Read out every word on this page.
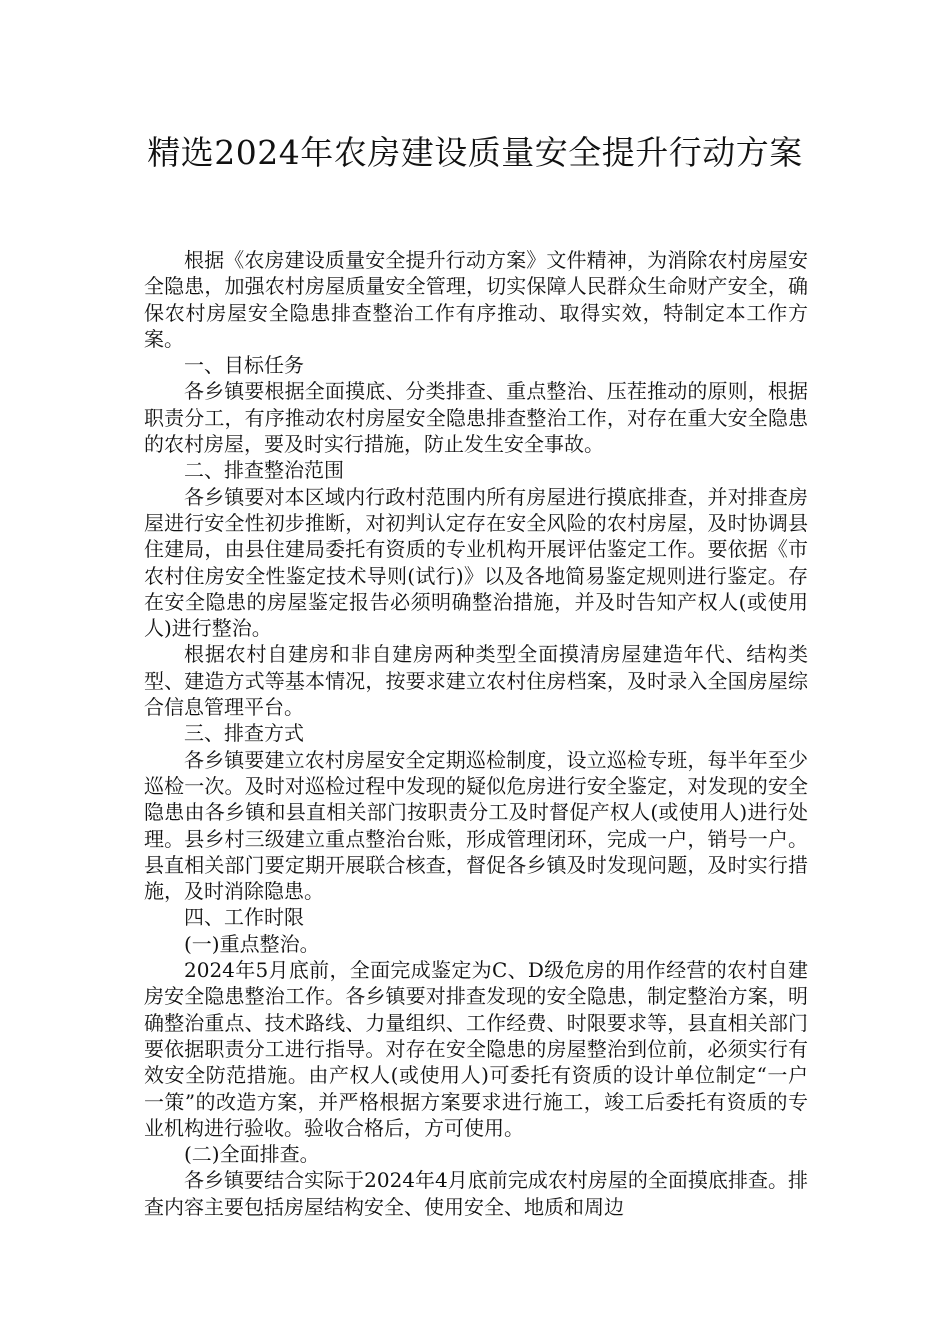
精选2024年农房建设质量安全提升行动方案

根据《农房建设质量安全提升行动方案》文件精神，为消除农村房屋安全隐患，加强农村房屋质量安全管理，切实保障人民群众生命财产安全，确保农村房屋安全隐患排查整治工作有序推动、取得实效，特制定本工作方案。

一、目标任务

各乡镇要根据全面摸底、分类排查、重点整治、压茬推动的原则，根据职责分工，有序推动农村房屋安全隐患排查整治工作，对存在重大安全隐患的农村房屋，要及时实行措施，防止发生安全事故。

二、排查整治范围

各乡镇要对本区域内行政村范围内所有房屋进行摸底排查，并对排查房屋进行安全性初步推断，对初判认定存在安全风险的农村房屋，及时协调县住建局，由县住建局委托有资质的专业机构开展评估鉴定工作。要依据《市农村住房安全性鉴定技术导则(试行)》以及各地简易鉴定规则进行鉴定。存在安全隐患的房屋鉴定报告必须明确整治措施，并及时告知产权人(或使用人)进行整治。

根据农村自建房和非自建房两种类型全面摸清房屋建造年代、结构类型、建造方式等基本情况，按要求建立农村住房档案，及时录入全国房屋综合信息管理平台。

三、排查方式

各乡镇要建立农村房屋安全定期巡检制度，设立巡检专班，每半年至少巡检一次。及时对巡检过程中发现的疑似危房进行安全鉴定，对发现的安全隐患由各乡镇和县直相关部门按职责分工及时督促产权人(或使用人)进行处理。县乡村三级建立重点整治台账，形成管理闭环，完成一户，销号一户。县直相关部门要定期开展联合核查，督促各乡镇及时发现问题，及时实行措施，及时消除隐患。

四、工作时限

(一)重点整治。

2024年5月底前，全面完成鉴定为C、D级危房的用作经营的农村自建房安全隐患整治工作。各乡镇要对排查发现的安全隐患，制定整治方案，明确整治重点、技术路线、力量组织、工作经费、时限要求等，县直相关部门要依据职责分工进行指导。对存在安全隐患的房屋整治到位前，必须实行有效安全防范措施。由产权人(或使用人)可委托有资质的设计单位制定“一户一策”的改造方案，并严格根据方案要求进行施工，竣工后委托有资质的专业机构进行验收。验收合格后，方可使用。

(二)全面排查。

各乡镇要结合实际于2024年4月底前完成农村房屋的全面摸底排查。排查内容主要包括房屋结构安全、使用安全、地质和周边
